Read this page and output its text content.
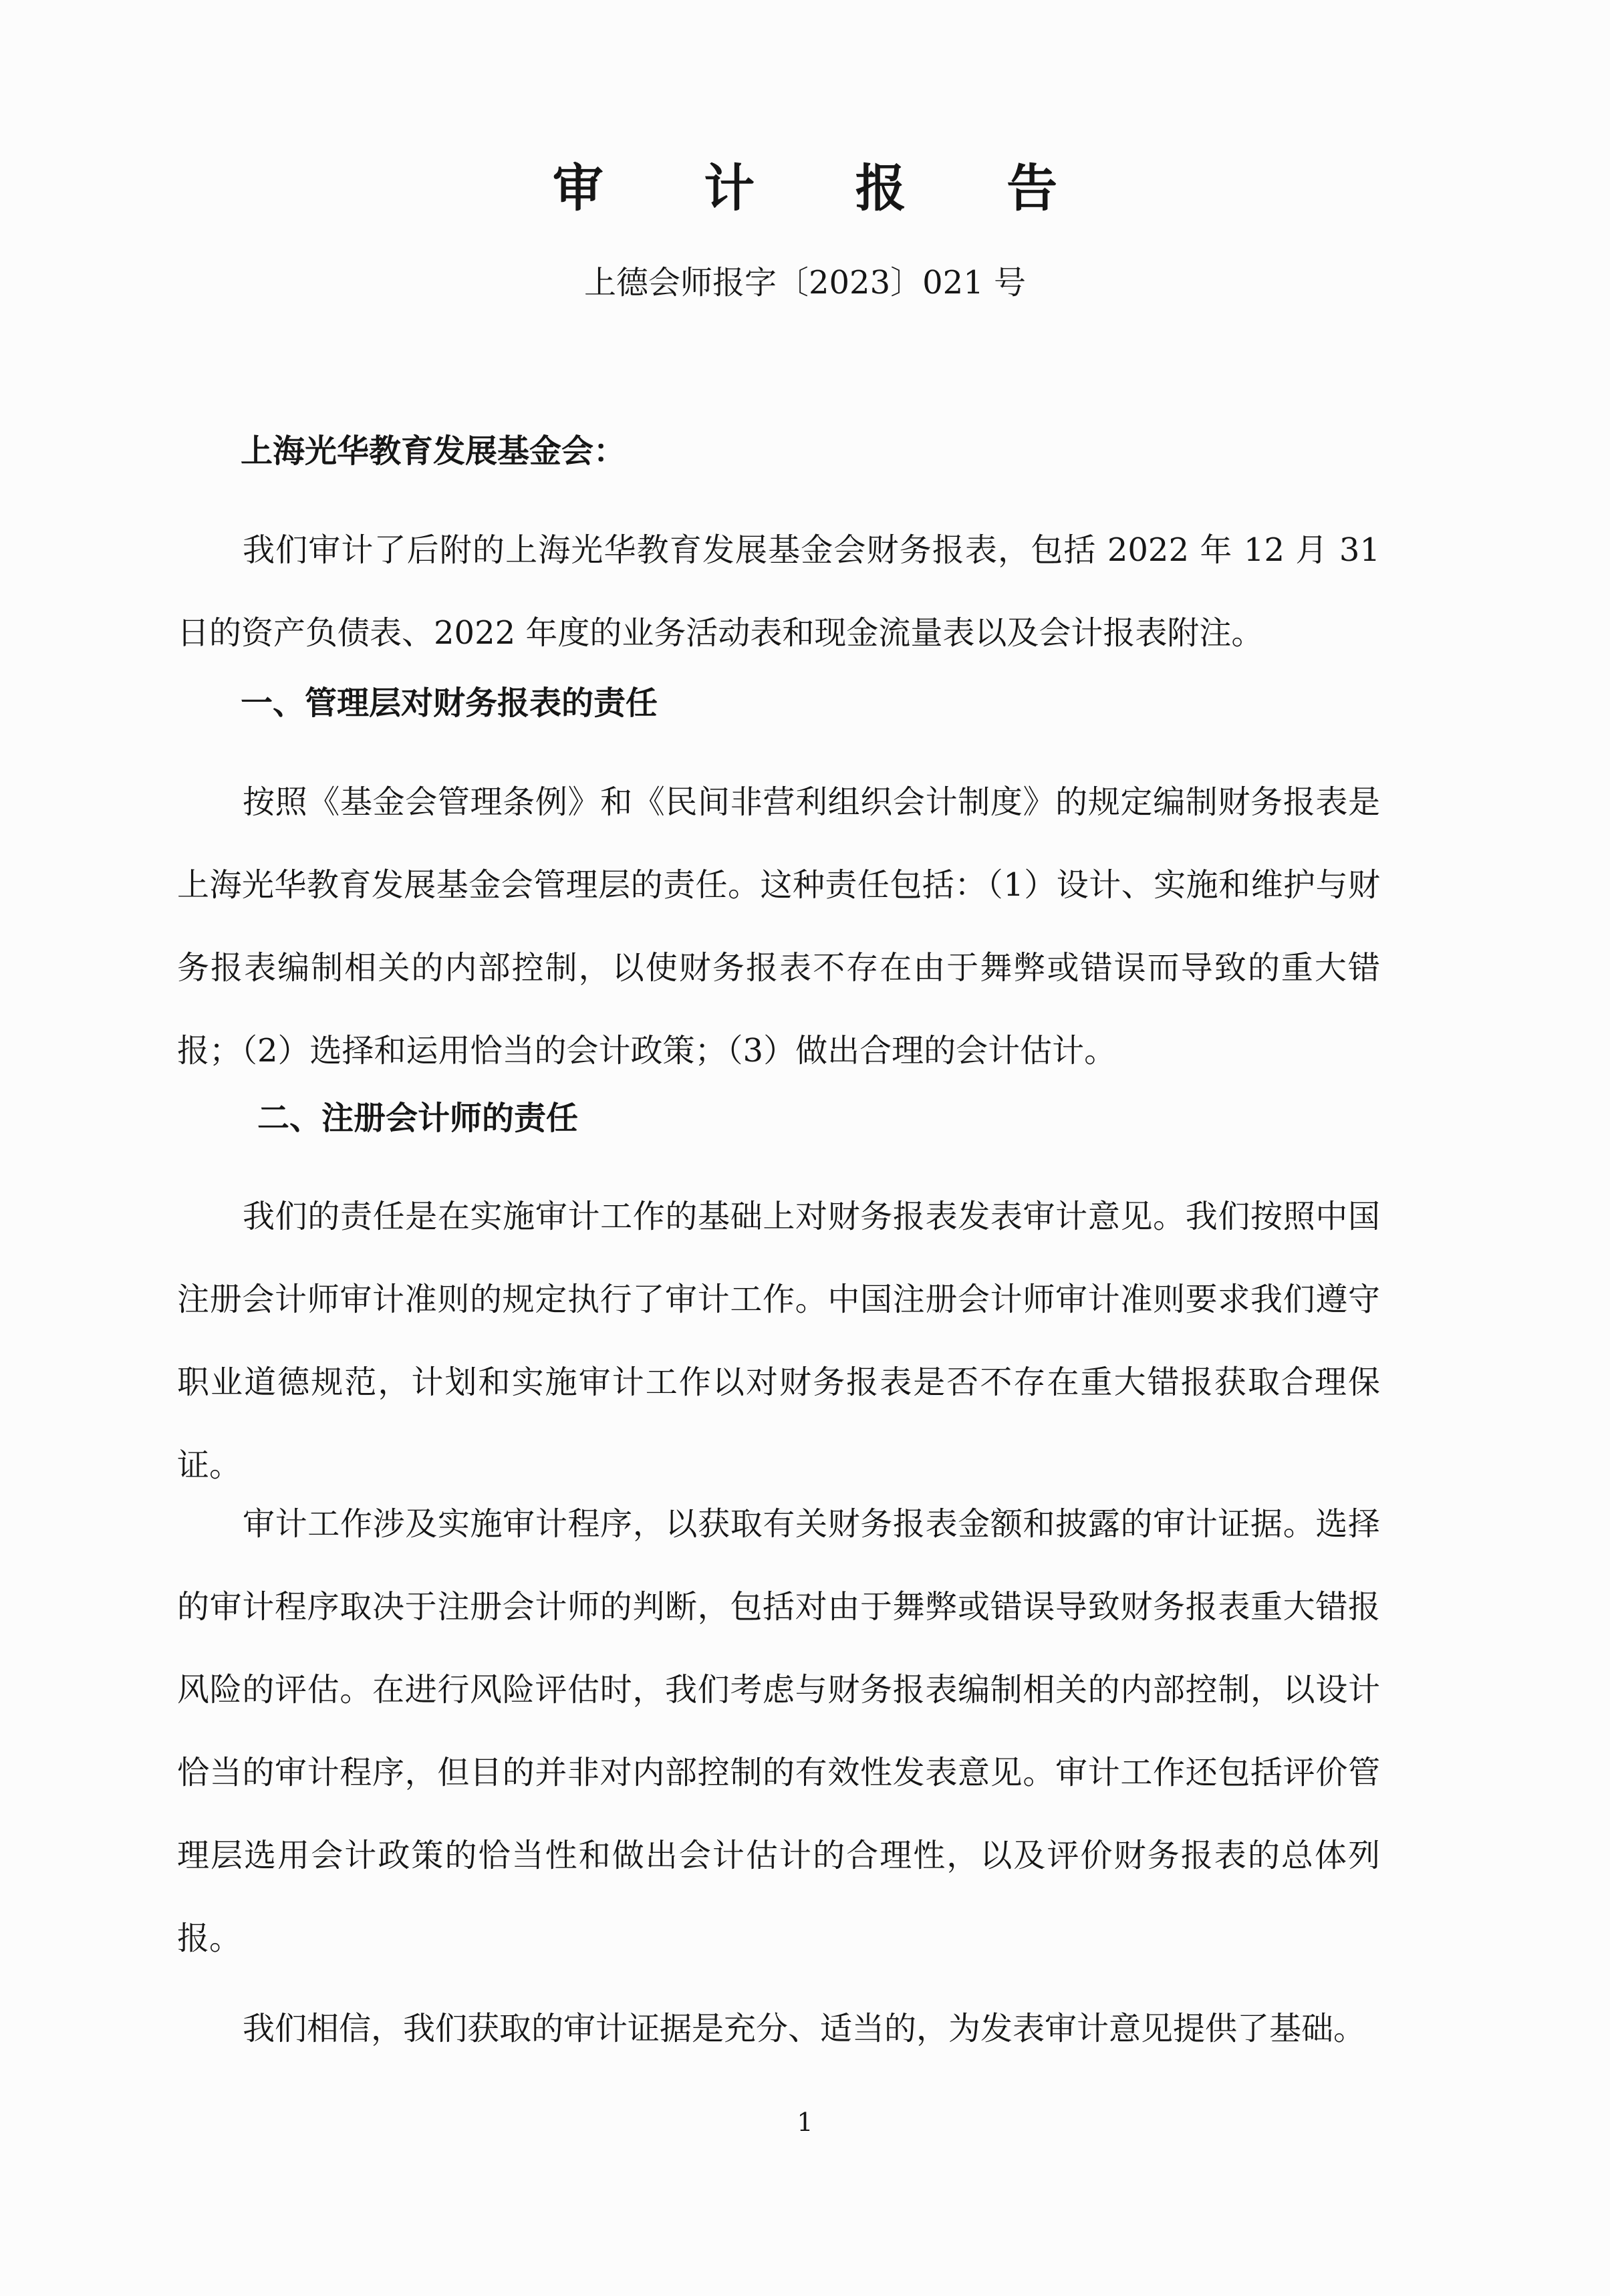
审 计 报 告
上德会师报字〔2023〕021 号
上海光华教育发展基金会：
我们审计了后附的上海光华教育发展基金会财务报表，包括 2022 年 12 月 31 日的资产负债表、2022 年度的业务活动表和现金流量表以及会计报表附注。
一、管理层对财务报表的责任
按照《基金会管理条例》和《民间非营利组织会计制度》的规定编制财务报表是上海光华教育发展基金会管理层的责任。这种责任包括：（1）设计、实施和维护与财务报表编制相关的内部控制，以使财务报表不存在由于舞弊或错误而导致的重大错报；（2）选择和运用恰当的会计政策；（3）做出合理的会计估计。
二、注册会计师的责任
我们的责任是在实施审计工作的基础上对财务报表发表审计意见。我们按照中国注册会计师审计准则的规定执行了审计工作。中国注册会计师审计准则要求我们遵守职业道德规范，计划和实施审计工作以对财务报表是否不存在重大错报获取合理保证。
审计工作涉及实施审计程序，以获取有关财务报表金额和披露的审计证据。选择的审计程序取决于注册会计师的判断，包括对由于舞弊或错误导致财务报表重大错报风险的评估。在进行风险评估时，我们考虑与财务报表编制相关的内部控制，以设计恰当的审计程序，但目的并非对内部控制的有效性发表意见。审计工作还包括评价管理层选用会计政策的恰当性和做出会计估计的合理性，以及评价财务报表的总体列报。
我们相信，我们获取的审计证据是充分、适当的，为发表审计意见提供了基础。
1
